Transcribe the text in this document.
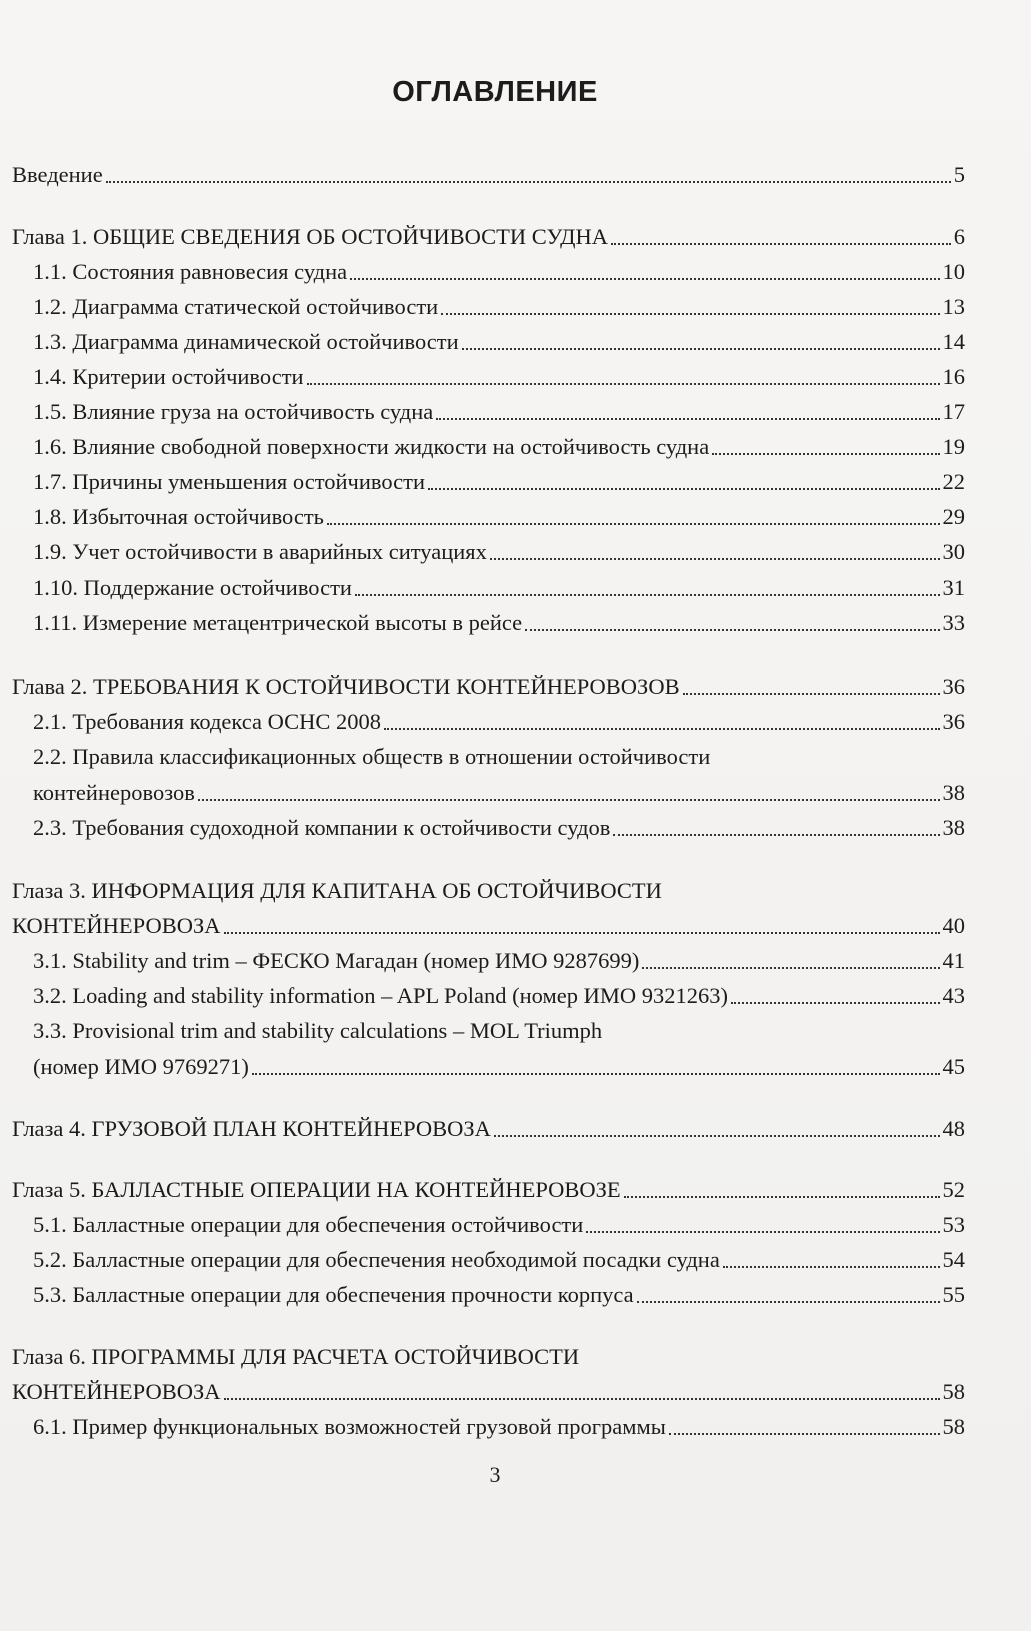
ОГЛАВЛЕНИЕ
Введение	5
Глава 1. ОБЩИЕ СВЕДЕНИЯ ОБ ОСТОЙЧИВОСТИ СУДНА	6
1.1. Состояния равновесия судна	10
1.2. Диаграмма статической остойчивости	13
1.3. Диаграмма динамической остойчивости	14
1.4. Критерии остойчивости	16
1.5. Влияние груза на остойчивость судна	17
1.6. Влияние свободной поверхности жидкости на остойчивость судна	19
1.7. Причины уменьшения остойчивости	22
1.8. Избыточная остойчивость	29
1.9. Учет остойчивости в аварийных ситуациях	30
1.10. Поддержание остойчивости	31
1.11. Измерение метацентрической высоты в рейсе	33
Глава 2. ТРЕБОВАНИЯ К ОСТОЙЧИВОСТИ КОНТЕЙНЕРОВОЗОВ	36
2.1. Требования кодекса ОСНС 2008	36
2.2. Правила классификационных обществ в отношении остойчивости
контейнеровозов	38
2.3. Требования судоходной компании к остойчивости судов	38
Глаза 3. ИНФОРМАЦИЯ ДЛЯ КАПИТАНА ОБ ОСТОЙЧИВОСТИ
КОНТЕЙНЕРОВОЗА	40
3.1. Stability and trim – ФЕСКО Магадан (номер ИМО 9287699)	41
3.2. Loading and stability information – APL Poland (номер ИМО 9321263)	43
3.3. Provisional trim and stability calculations – MOL Triumph
(номер ИМО 9769271)	45
Глаза 4. ГРУЗОВОЙ ПЛАН КОНТЕЙНЕРОВОЗА	48
Глаза 5. БАЛЛАСТНЫЕ ОПЕРАЦИИ НА КОНТЕЙНЕРОВОЗЕ	52
5.1. Балластные операции для обеспечения остойчивости	53
5.2. Балластные операции для обеспечения необходимой посадки судна	54
5.3. Балластные операции для обеспечения прочности корпуса	55
Глаза 6. ПРОГРАММЫ ДЛЯ РАСЧЕТА ОСТОЙЧИВОСТИ
КОНТЕЙНЕРОВОЗА	58
6.1. Пример функциональных возможностей грузовой программы	58
3
